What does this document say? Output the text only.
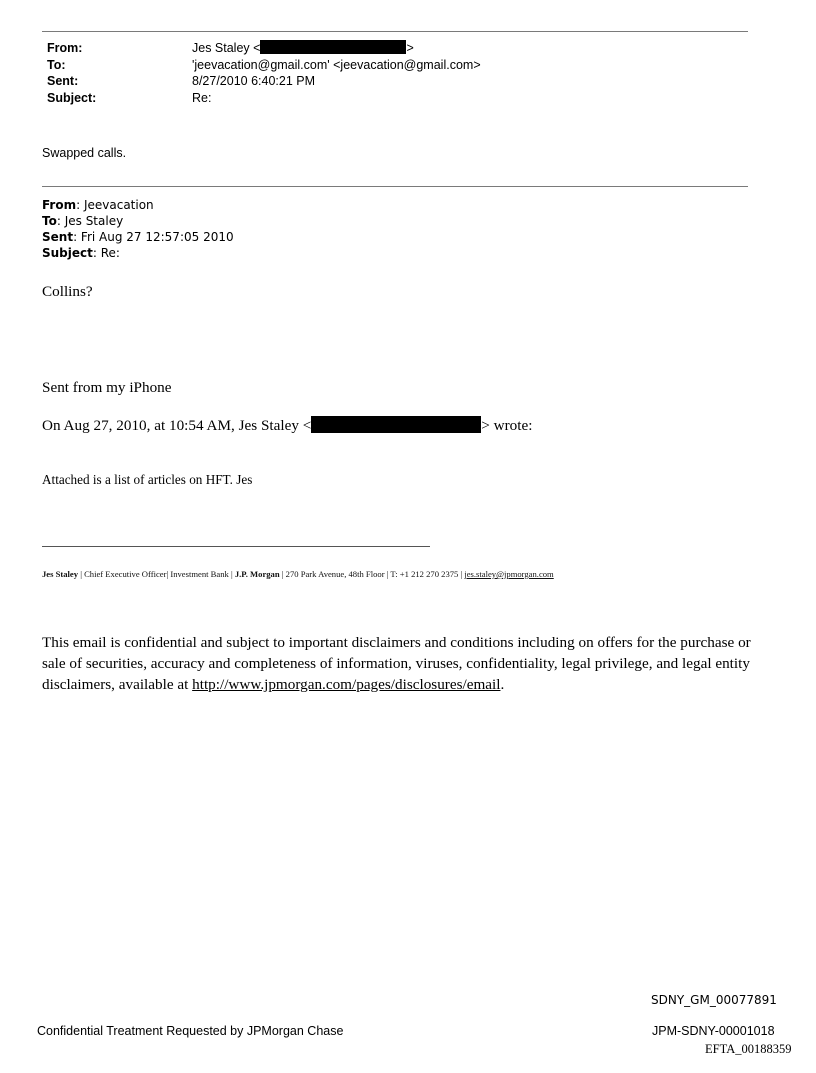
From:	Jes Staley <	>
To:	'jeevacation@gmail.com' <jeevacation@gmail.com>
Sent:	8/27/2010 6:40:21 PM
Subject:	Re:
Swapped calls.
From: Jeevacation
To: Jes Staley
Sent: Fri Aug 27 12:57:05 2010
Subject: Re:
Collins?
Sent from my iPhone
On Aug 27, 2010, at 10:54 AM, Jes Staley <	> wrote:
Attached is a list of articles on HFT. Jes
Jes Staley | Chief Executive Officer| Investment Bank | J.P. Morgan | 270 Park Avenue, 48th Floor | T: +1 212 270 2375 | jes.staley@jpmorgan.com
This email is confidential and subject to important disclaimers and conditions including on offers for the purchase or sale of securities, accuracy and completeness of information, viruses, confidentiality, legal privilege, and legal entity disclaimers, available at http://www.jpmorgan.com/pages/disclosures/email.
SDNY_GM_00077891
Confidential Treatment Requested by JPMorgan Chase	JPM-SDNY-00001018
EFTA_00188359
